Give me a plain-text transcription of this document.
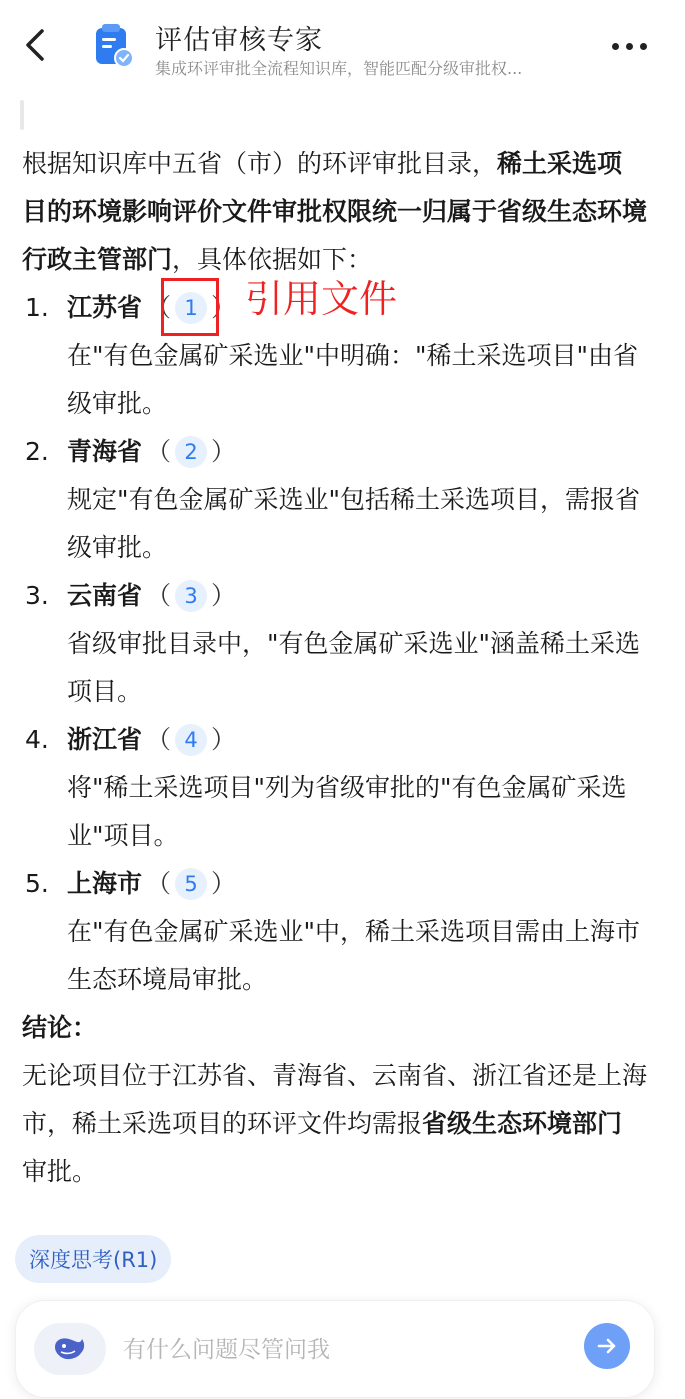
评估审核专家
集成环评审批全流程知识库，智能匹配分级审批权...

根据知识库中五省（市）的环评审批目录，稀土采选项目的环境影响评价文件审批权限统一归属于省级生态环境行政主管部门，具体依据如下：

1. 江苏省 （ 1 引用文件
）
在"有色金属矿采选业"中明确："稀土采选项目"由省级审批。
2. 青海省 （ 2 ）
规定"有色金属矿采选业"包括稀土采选项目，需报省级审批。
3. 云南省 （ 3 ）
省级审批目录中，"有色金属矿采选业"涵盖稀土采选项目。
4. 浙江省 （ 4 ）
将"稀土采选项目"列为省级审批的"有色金属矿采选业"项目。
5. 上海市 （ 5 ）
在"有色金属矿采选业"中，稀土采选项目需由上海市生态环境局审批。

结论：

无论项目位于江苏省、青海省、云南省、浙江省还是上海市，稀土采选项目的环评文件均需报省级生态环境部门审批。

深度思考(R1)
有什么问题尽管问我
